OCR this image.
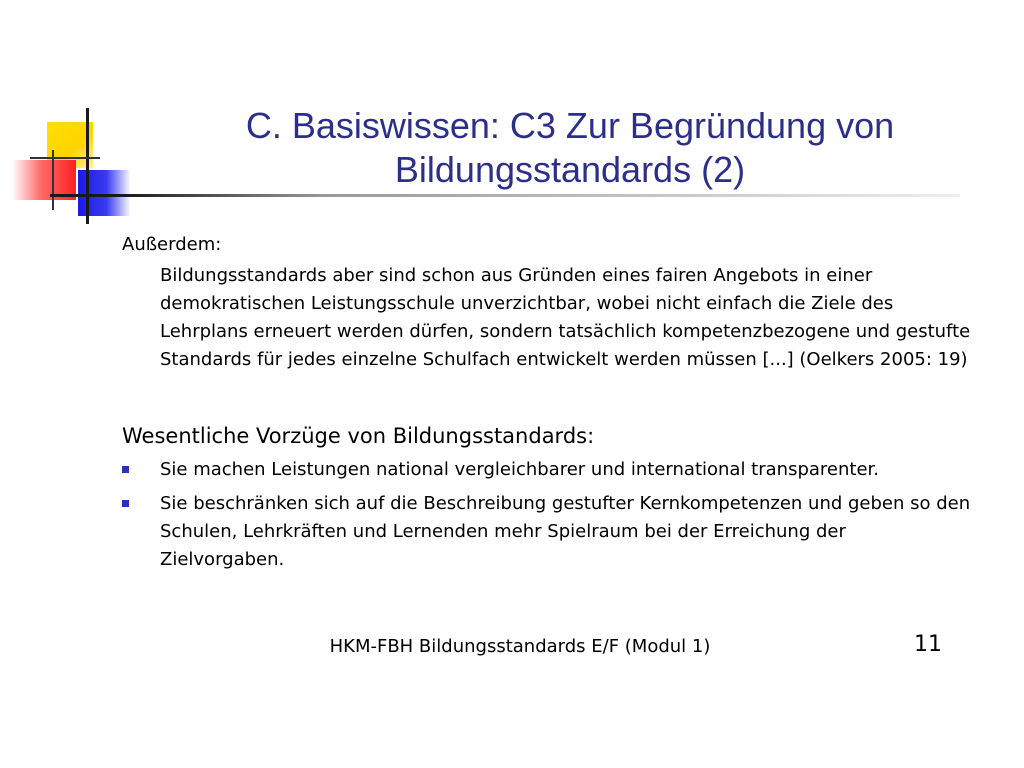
C. Basiswissen: C3 Zur Begründung von
Bildungsstandards (2)

Außerdem:

Bildungsstandards aber sind schon aus Gründen eines fairen Angebots in einer demokratischen Leistungsschule unverzichtbar, wobei nicht einfach die Ziele des Lehrplans erneuert werden dürfen, sondern tatsächlich kompetenzbezogene und gestufte Standards für jedes einzelne Schulfach entwickelt werden müssen [...] (Oelkers 2005: 19)

Wesentliche Vorzüge von Bildungsstandards:
Sie machen Leistungen national vergleichbarer und international transparenter.
Sie beschränken sich auf die Beschreibung gestufter Kernkompetenzen und geben so den Schulen, Lehrkräften und Lernenden mehr Spielraum bei der Erreichung der Zielvorgaben.
HKM-FBH Bildungsstandards E/F (Modul 1)	11
